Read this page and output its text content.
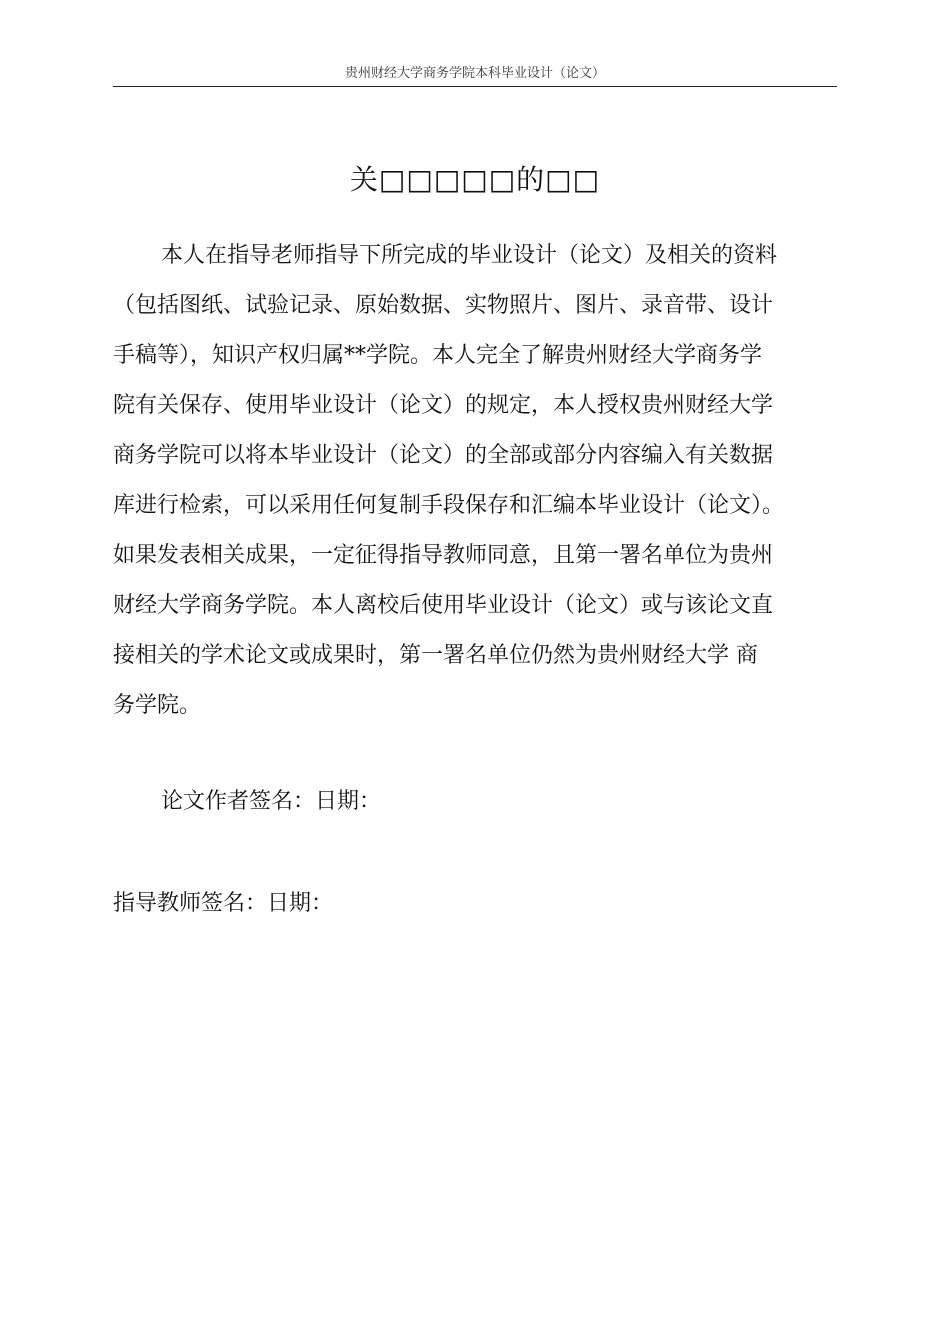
贵州财经大学商务学院本科毕业设计（论文）
关□□□□□的□□
本人在指导老师指导下所完成的毕业设计（论文）及相关的资料
（包括图纸、试验记录、原始数据、实物照片、图片、录音带、设计
手稿等），知识产权归属**学院。本人完全了解贵州财经大学商务学
院有关保存、使用毕业设计（论文）的规定，本人授权贵州财经大学
商务学院可以将本毕业设计（论文）的全部或部分内容编入有关数据
库进行检索，可以采用任何复制手段保存和汇编本毕业设计（论文）。
如果发表相关成果，一定征得指导教师同意，且第一署名单位为贵州
财经大学商务学院。本人离校后使用毕业设计（论文）或与该论文直
接相关的学术论文或成果时，第一署名单位仍然为贵州财经大学 商
务学院。
论文作者签名：日期：
指导教师签名：日期：
